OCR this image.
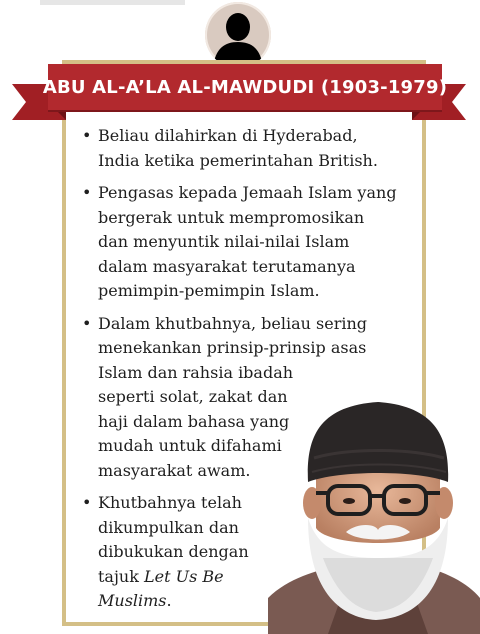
ABU AL-A’LA AL-MAWDUDI (1903-1979)
• Beliau dilahirkan di Hyderabad, India ketika pemerintahan British.
• Pengasas kepada Jemaah Islam yang bergerak untuk mempromosikan dan menyuntik nilai-nilai Islam dalam masyarakat terutamanya pemimpin-pemimpin Islam.
• Dalam khutbahnya, beliau sering menekankan prinsip-prinsip asas Islam dan rahsia ibadah
seperti solat, zakat dan haji dalam bahasa yang mudah untuk difahami masyarakat awam.
• Khutbahnya telah dikumpulkan dan dibukukan dengan tajuk Let Us Be Muslims.
